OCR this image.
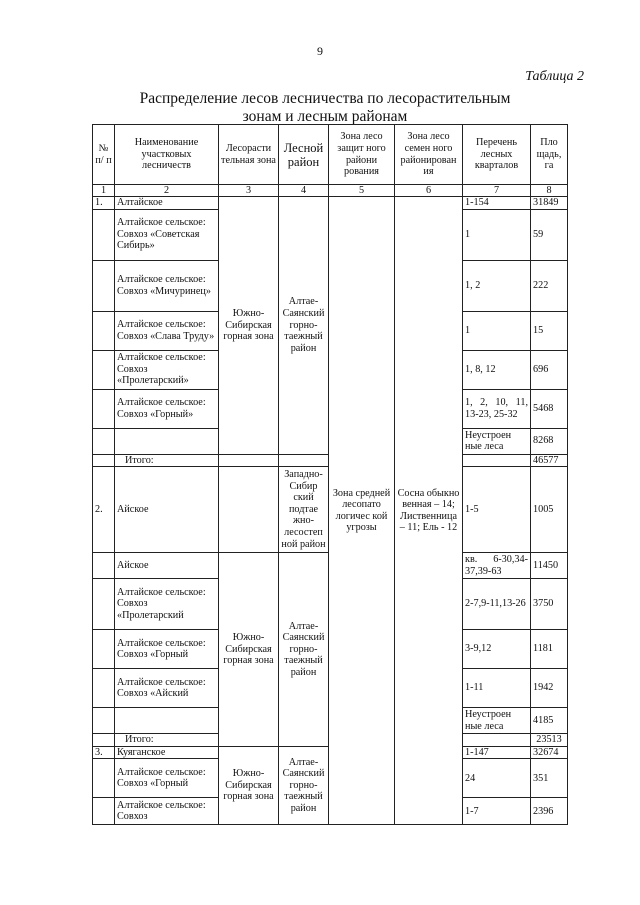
9
Таблица 2
Распределение лесов лесничества по лесорастительным зонам и лесным районам
№ п/ п	Наименование участковых лесничеств	Лесорасти тельная зона	Лесной район	Зона лесо защит ного райони рования	Зона лесо семен ного районирован ия	Перечень лесных кварталов	Пло щадь, га
1	2	3	4	5	6	7	8
1.	Алтайское	Южно- Сибирская горная зона	Алтае- Саянский горно- таежный район	Зона средней лесопато логичес кой угрозы	Сосна обыкно венная – 14; Лиственница – 11; Ель - 12	1-154	31849
	Алтайское сельское: Совхоз «Советская Сибирь»					1	59
	Алтайское сельское: Совхоз «Мичуринец»					1, 2	222
	Алтайское сельское: Совхоз «Слава Труду»					1	15
	Алтайское сельское: Совхоз «Пролетарский»					1, 8, 12	696
	Алтайское сельское: Совхоз «Горный»					1, 2, 10, 11, 13-23, 25-32	5468
						Неустроен ные леса	8268
	Итого:						46577
2.	Айское		Западно- Сибир ский подтае жно- лесостеп ной район			1-5	1005
	Айское	Южно- Сибирская горная зона	Алтае- Саянский горно- таежный район			кв. 6-30,34-37,39-63	11450
	Алтайское сельское: Совхоз «Пролетарский					2-7,9-11,13-26	3750
	Алтайское сельское: Совхоз «Горный					3-9,12	1181
	Алтайское сельское: Совхоз «Айский					1-11	1942
						Неустроен ные леса	4185
	Итого:						23513
3.	Куяганское	Южно- Сибирская горная зона	Алтае- Саянский горно- таежный район			1-147	32674
	Алтайское сельское: Совхоз «Горный					24	351
	Алтайское сельское: Совхоз					1-7	2396
